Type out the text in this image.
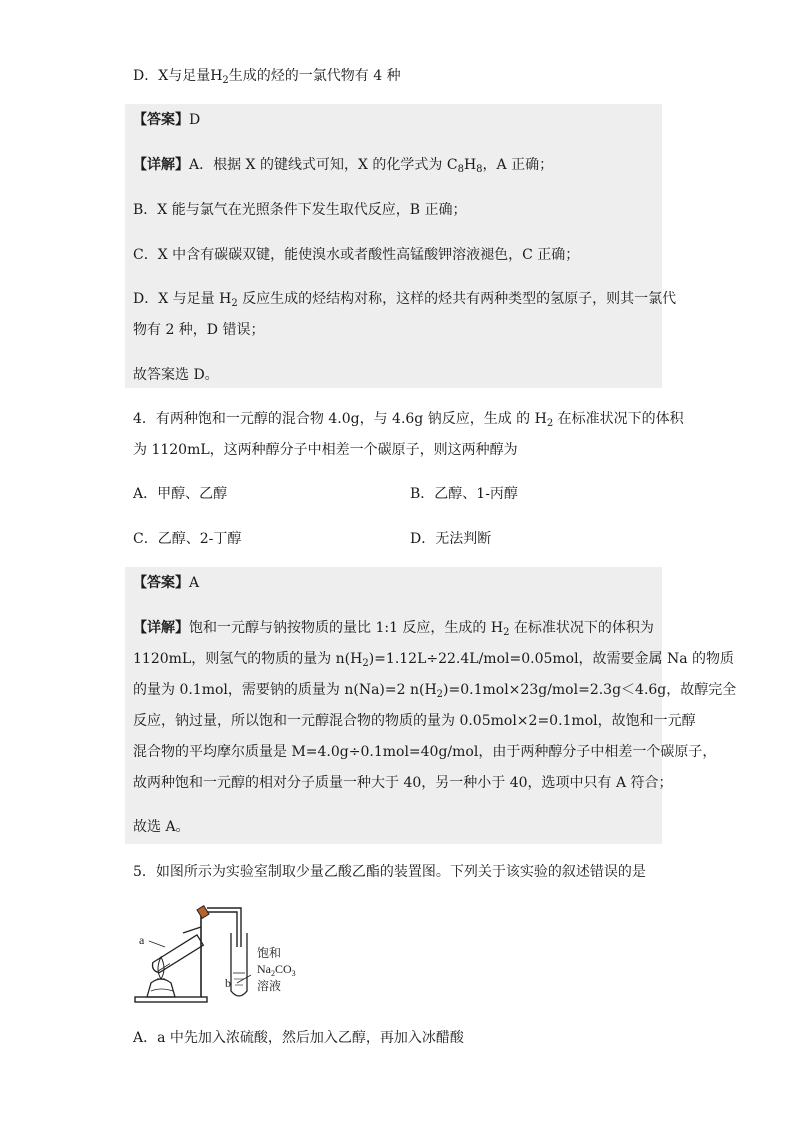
D．X与足量$H_2$生成的烃的一氯代物有 4 种
【答案】D
【详解】A．根据 X 的键线式可知，X 的化学式为 $C_8H_8$，A 正确；
B．X 能与氯气在光照条件下发生取代反应，B 正确；
C．X 中含有碳碳双键，能使溴水或者酸性高锰酸钾溶液褪色，C 正确；
D．X 与足量 $H_2$ 反应生成的烃结构对称，这样的烃共有两种类型的氢原子，则其一氯代
物有 2 种，D 错误；
故答案选 D。
4．有两种饱和一元醇的混合物 4.0g，与 4.6g 钠反应，生成 的 $H_2$ 在标准状况下的体积
为 1120mL，这两种醇分子中相差一个碳原子，则这两种醇为
A．甲醇、乙醇	B．乙醇、1-丙醇
C．乙醇、2-丁醇	D．无法判断
【答案】A
【详解】饱和一元醇与钠按物质的量比 1:1 反应，生成的 $H_2$ 在标准状况下的体积为
1120mL，则氢气的物质的量为 $n(H_2)=1.12L\div 22.4L/mol=0.05mol$，故需要金属 Na 的物质
的量为 0.1mol，需要钠的质量为 n(Na)=2 $n(H_2)=0.1mol\times 23g/mol=2.3g<4.6g$，故醇完全
反应，钠过量，所以饱和一元醇混合物的物质的量为 0.05mol×2=0.1mol，故饱和一元醇
混合物的平均摩尔质量是 M=4.0g÷0.1mol=40g/mol，由于两种醇分子中相差一个碳原子，
故两种饱和一元醇的相对分子质量一种大于 40，另一种小于 40，选项中只有 A 符合；
故选 A。
5．如图所示为实验室制取少量乙酸乙酯的装置图。下列关于该实验的叙述错误的是
a
b
饱和
$Na_2CO_3$
溶液
A．a 中先加入浓硫酸，然后加入乙醇，再加入冰醋酸
